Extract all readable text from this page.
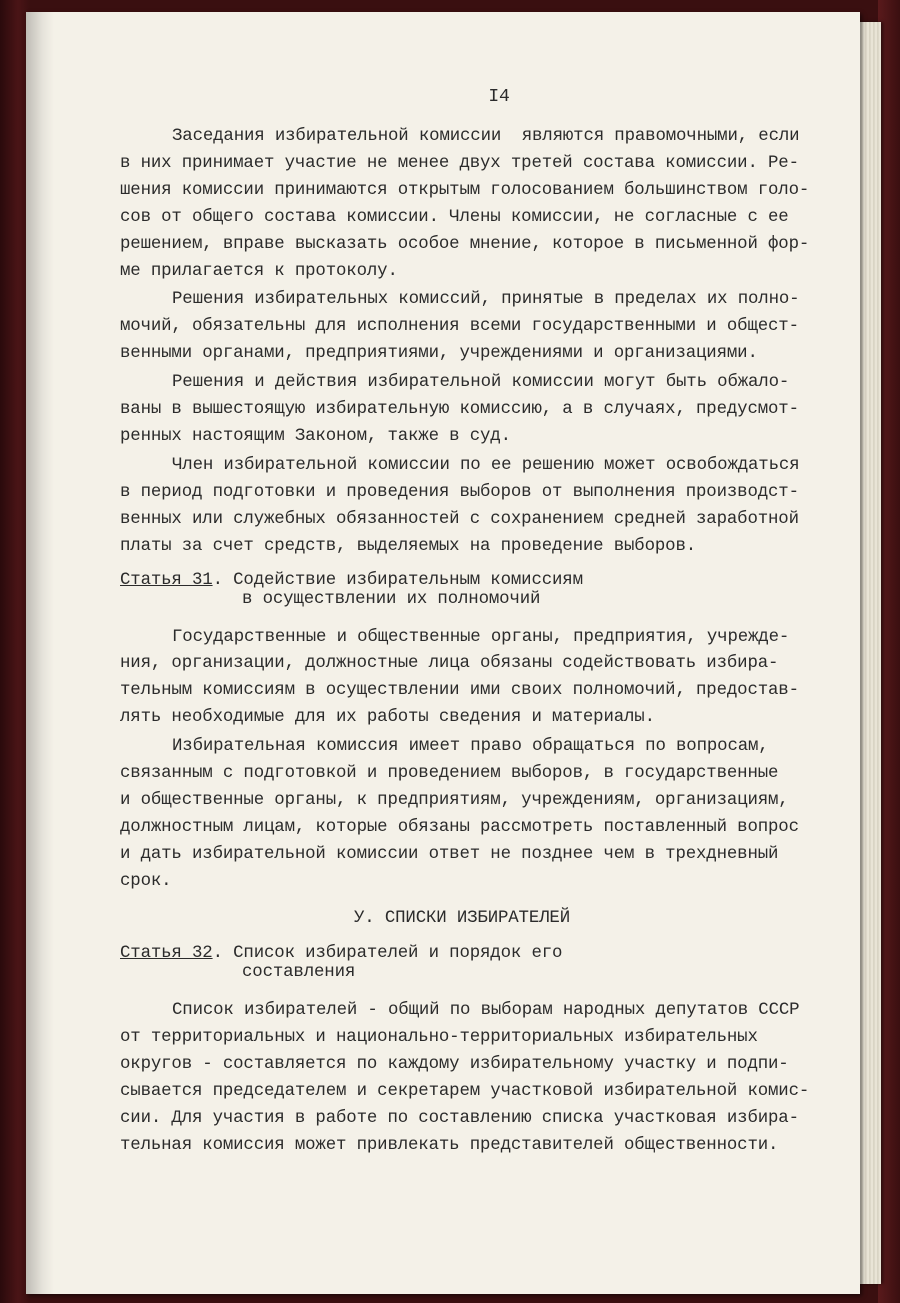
I4
Заседания избирательной комиссии  являются правомочными, если
в них принимает участие не менее двух третей состава комиссии. Ре-
шения комиссии принимаются открытым голосованием большинством голо-
сов от общего состава комиссии. Члены комиссии, не согласные с ее
решением, вправе высказать особое мнение, которое в письменной фор-
ме прилагается к протоколу.
Решения избирательных комиссий, принятые в пределах их полно-
мочий, обязательны для исполнения всеми государственными и общест-
венными органами, предприятиями, учреждениями и организациями.
Решения и действия избирательной комиссии могут быть обжало-
ваны в вышестоящую избирательную комиссию, а в случаях, предусмот-
ренных настоящим Законом, также в суд.
Член избирательной комиссии по ее решению может освобождаться
в период подготовки и проведения выборов от выполнения производст-
венных или служебных обязанностей с сохранением средней заработной
платы за счет средств, выделяемых на проведение выборов.
Статья 31. Содействие избирательным комиссиям
в осуществлении их полномочий
Государственные и общественные органы, предприятия, учрежде-
ния, организации, должностные лица обязаны содействовать избира-
тельным комиссиям в осуществлении ими своих полномочий, предостав-
лять необходимые для их работы сведения и материалы.
Избирательная комиссия имеет право обращаться по вопросам,
связанным с подготовкой и проведением выборов, в государственные
и общественные органы, к предприятиям, учреждениям, организациям,
должностным лицам, которые обязаны рассмотреть поставленный вопрос
и дать избирательной комиссии ответ не позднее чем в трехдневный
срок.
У. СПИСКИ ИЗБИРАТЕЛЕЙ
Статья 32. Список избирателей и порядок его
составления
Список избирателей - общий по выборам народных депутатов СССР
от территориальных и национально-территориальных избирательных
округов - составляется по каждому избирательному участку и подпи-
сывается председателем и секретарем участковой избирательной комис-
сии. Для участия в работе по составлению списка участковая избира-
тельная комиссия может привлекать представителей общественности.
